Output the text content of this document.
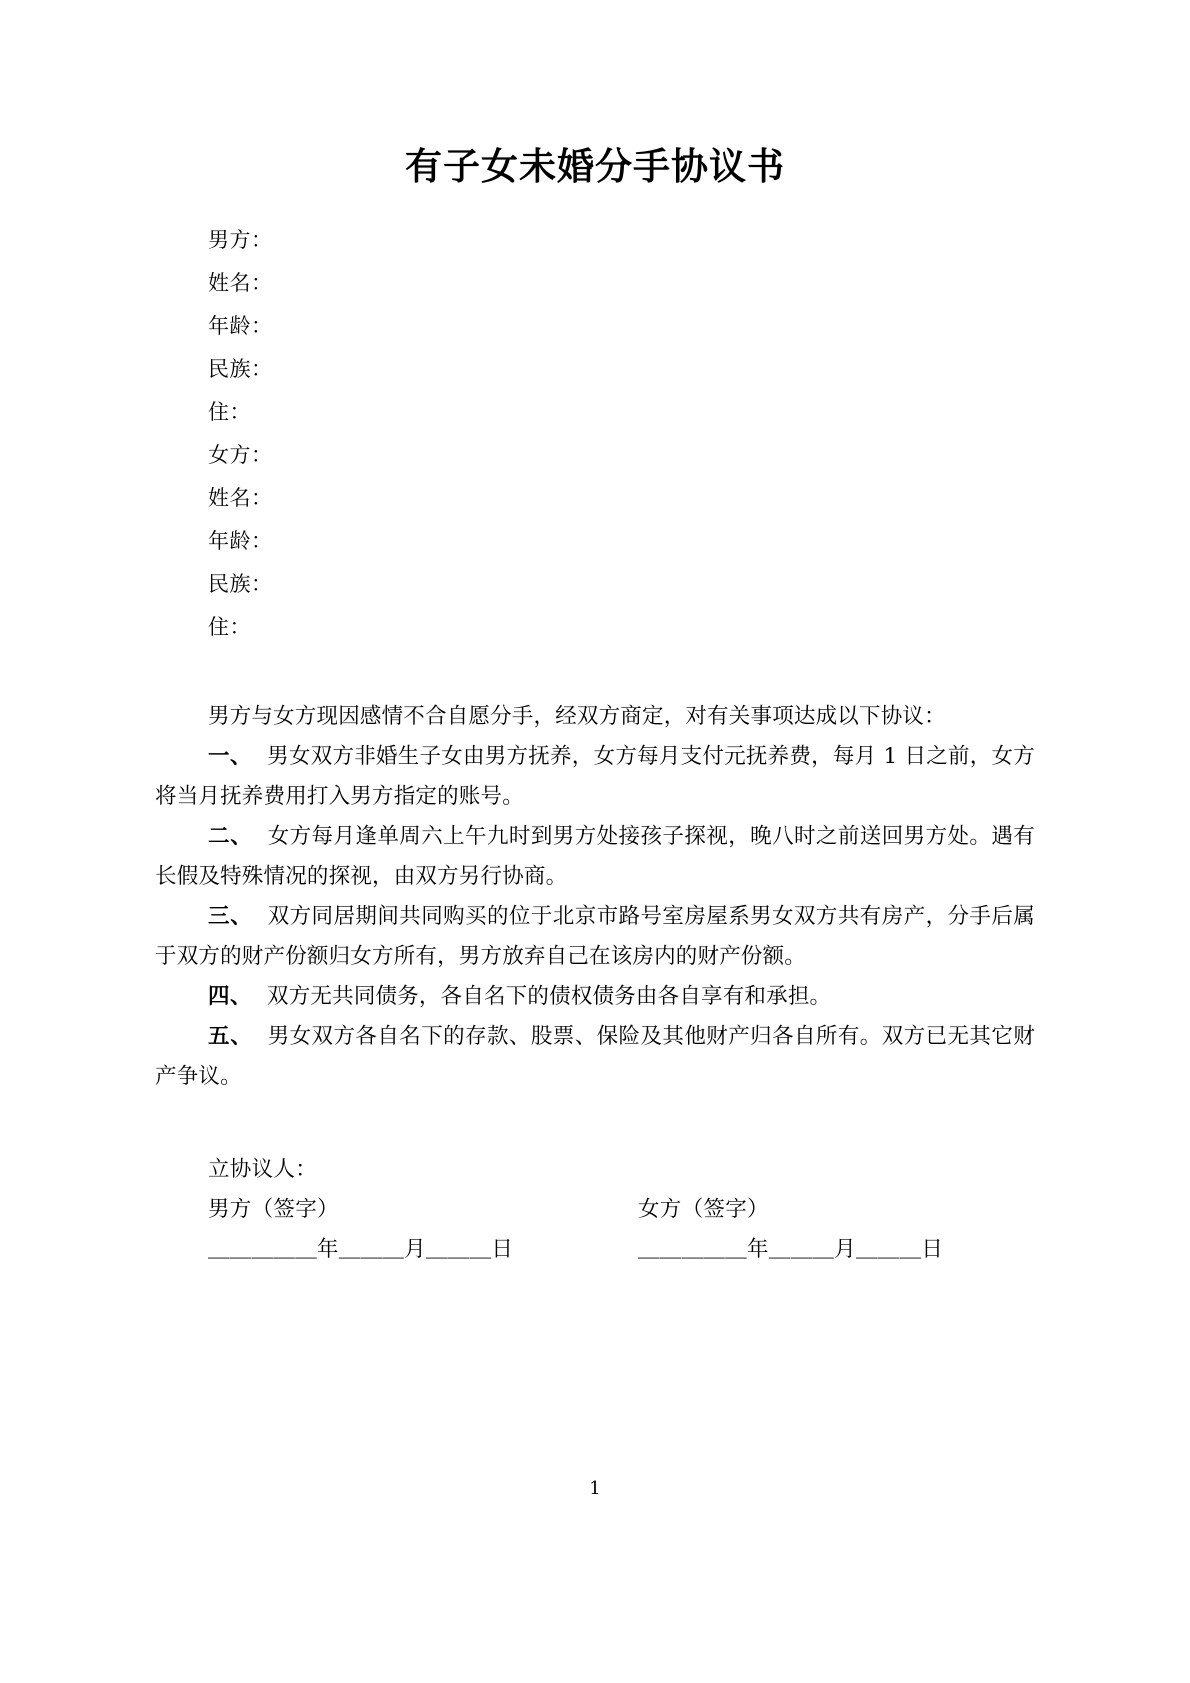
有子女未婚分手协议书
男方：
姓名：
年龄：
民族：
住：
女方：
姓名：
年龄：
民族：
住：

男方与女方现因感情不合自愿分手，经双方商定，对有关事项达成以下协议：

一、 男女双方非婚生子女由男方抚养，女方每月支付元抚养费，每月 1 日之前，女方将当月抚养费用打入男方指定的账号。

二、 女方每月逢单周六上午九时到男方处接孩子探视，晚八时之前送回男方处。遇有长假及特殊情况的探视，由双方另行协商。

三、 双方同居期间共同购买的位于北京市路号室房屋系男女双方共有房产，分手后属于双方的财产份额归女方所有，男方放弃自己在该房内的财产份额。

四、 双方无共同债务，各自名下的债权债务由各自享有和承担。

五、 男女双方各自名下的存款、股票、保险及其他财产归各自所有。双方已无其它财产争议。

立协议人：
男方（签字）	女方（签字）
＿＿＿＿＿年＿＿＿月＿＿＿日	＿＿＿＿＿年＿＿＿月＿＿＿日
1
